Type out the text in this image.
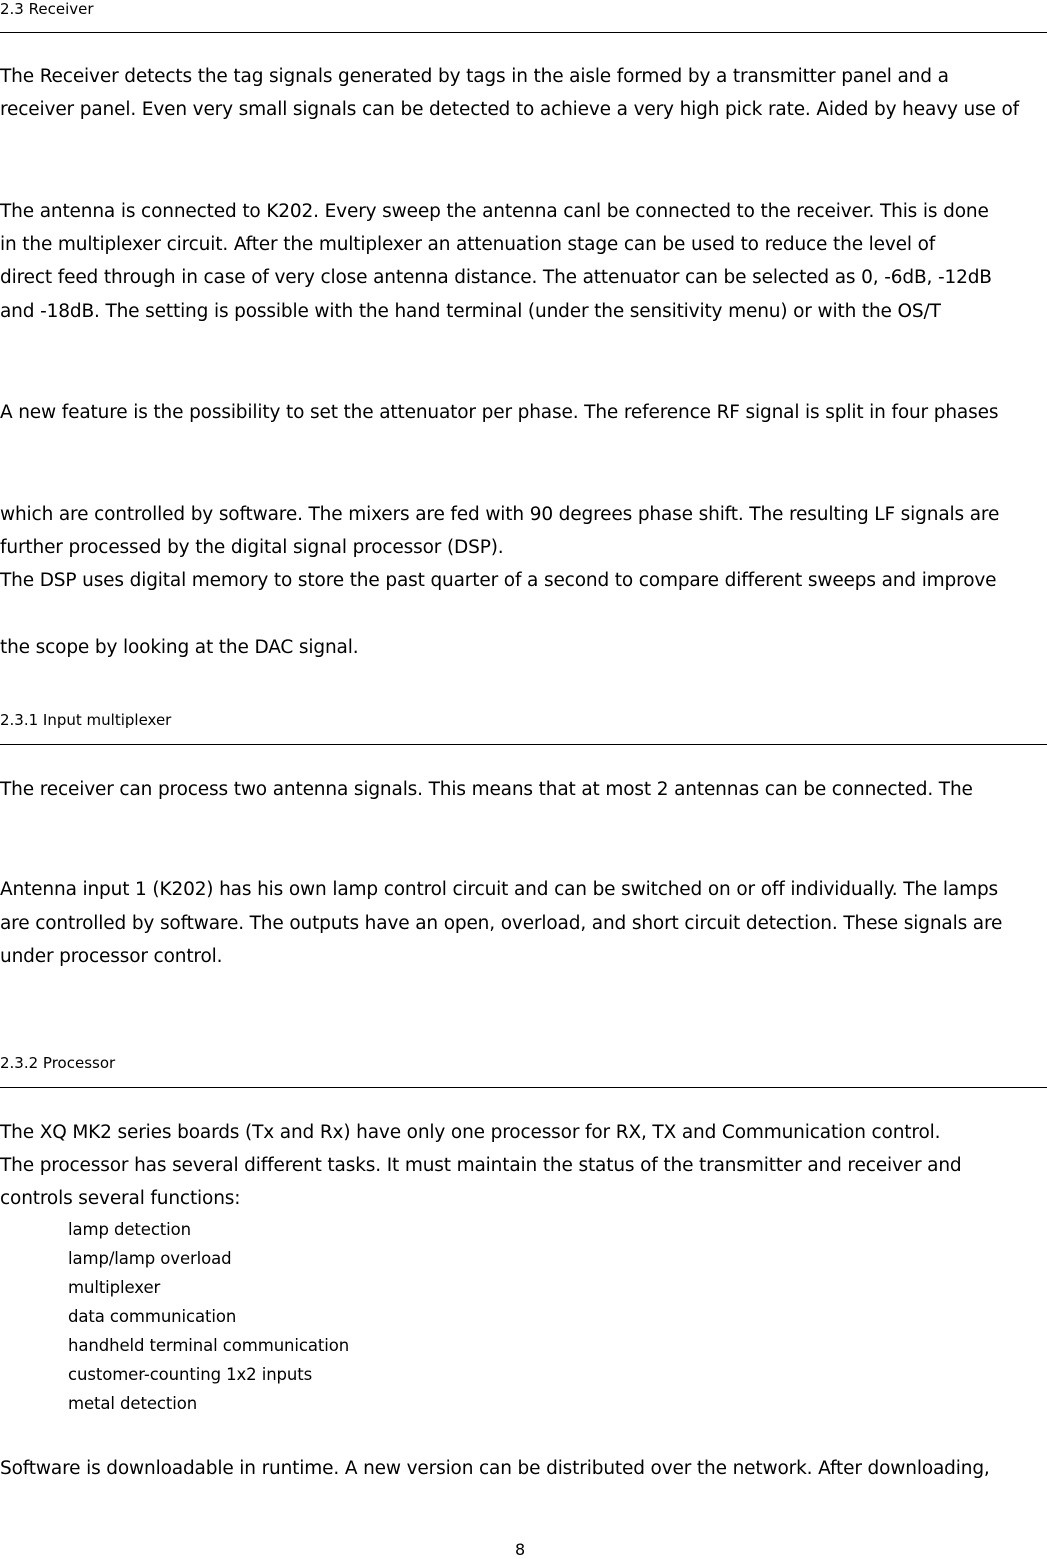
2.3 Receiver
The Receiver detects the tag signals generated by tags in the aisle formed by a transmitter panel and a
receiver panel. Even very small signals can be detected to achieve a very high pick rate. Aided by heavy use of
The antenna is connected to K202. Every sweep the antenna canl be connected to the receiver. This is done
in the multiplexer circuit. After the multiplexer an attenuation stage can be used to reduce the level of
direct feed through in case of very close antenna distance. The attenuator can be selected as 0, -6dB, -12dB
and -18dB. The setting is possible with the hand terminal (under the sensitivity menu) or with the OS/T
A new feature is the possibility to set the attenuator per phase. The reference RF signal is split in four phases
which are controlled by software. The mixers are fed with 90 degrees phase shift. The resulting LF signals are
further processed by the digital signal processor (DSP).
The DSP uses digital memory to store the past quarter of a second to compare different sweeps and improve
the scope by looking at the DAC signal.
2.3.1 Input multiplexer
The receiver can process two antenna signals. This means that at most 2 antennas can be connected. The
Antenna input 1 (K202) has his own lamp control circuit and can be switched on or off individually. The lamps
are controlled by software. The outputs have an open, overload, and short circuit detection. These signals are
under processor control.
2.3.2 Processor
The XQ MK2 series boards (Tx and Rx) have only one processor for RX, TX and Communication control.
The processor has several different tasks. It must maintain the status of the transmitter and receiver and
controls several functions:
lamp detection
lamp/lamp overload
multiplexer
data communication
handheld terminal communication
customer-counting 1x2 inputs
metal detection
Software is downloadable in runtime. A new version can be distributed over the network. After downloading,
8
